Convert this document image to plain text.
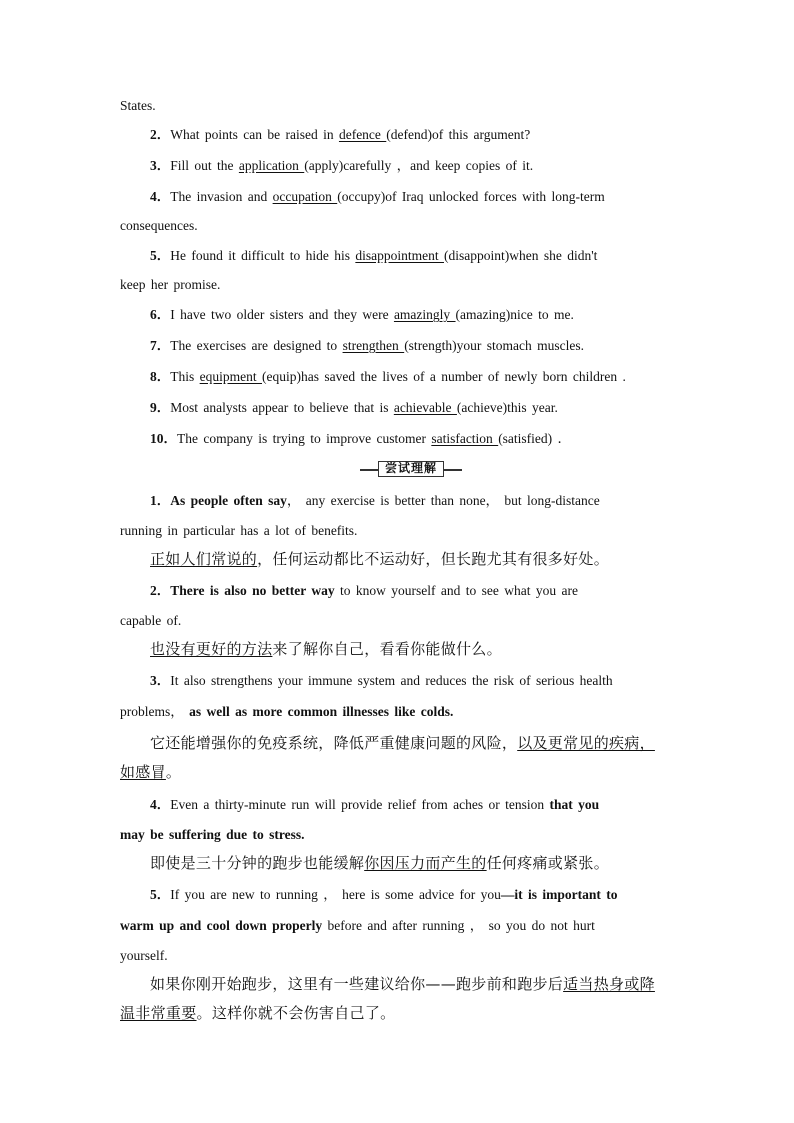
States.
2．What points can be raised in defence (defend)of this argument?
3．Fill out the application (apply)carefully ，and keep copies of it.
4．The invasion and occupation (occupy)of Iraq unlocked forces with long-term
consequences.
5．He found it difficult to hide his disappointment (disappoint)when she didn't
keep her promise.
6．I have two older sisters and they were amazingly (amazing)nice to me.
7．The exercises are designed to strengthen (strength)your stomach muscles.
8．This equipment (equip)has saved the lives of a number of newly born children .
9．Most analysts appear to believe that is achievable (achieve)this year.
10．The company is trying to improve customer satisfaction (satisfied) ．
尝试理解
1．As people often say， any exercise is better than none， but long-distance
running in particular has a lot of benefits.
正如人们常说的，任何运动都比不运动好，但长跑尤其有很多好处。
2．There is also no better way to know yourself and to see what you are
capable of.
也没有更好的方法来了解你自己，看看你能做什么。
3．It also strengthens your immune system and reduces the risk of serious health
problems， as well as more common illnesses like colds.
它还能增强你的免疫系统，降低严重健康问题的风险，以及更常见的疾病，
如感冒。
4．Even a thirty-minute run will provide relief from aches or tension that you
may be suffering due to stress.
即使是三十分钟的跑步也能缓解你因压力而产生的任何疼痛或紧张。
5．If you are new to running ， here is some advice for you—it is important to
warm up and cool down properly before and after running ， so you do not hurt
yourself.
如果你刚开始跑步，这里有一些建议给你——跑步前和跑步后适当热身或降
温非常重要。这样你就不会伤害自己了。
